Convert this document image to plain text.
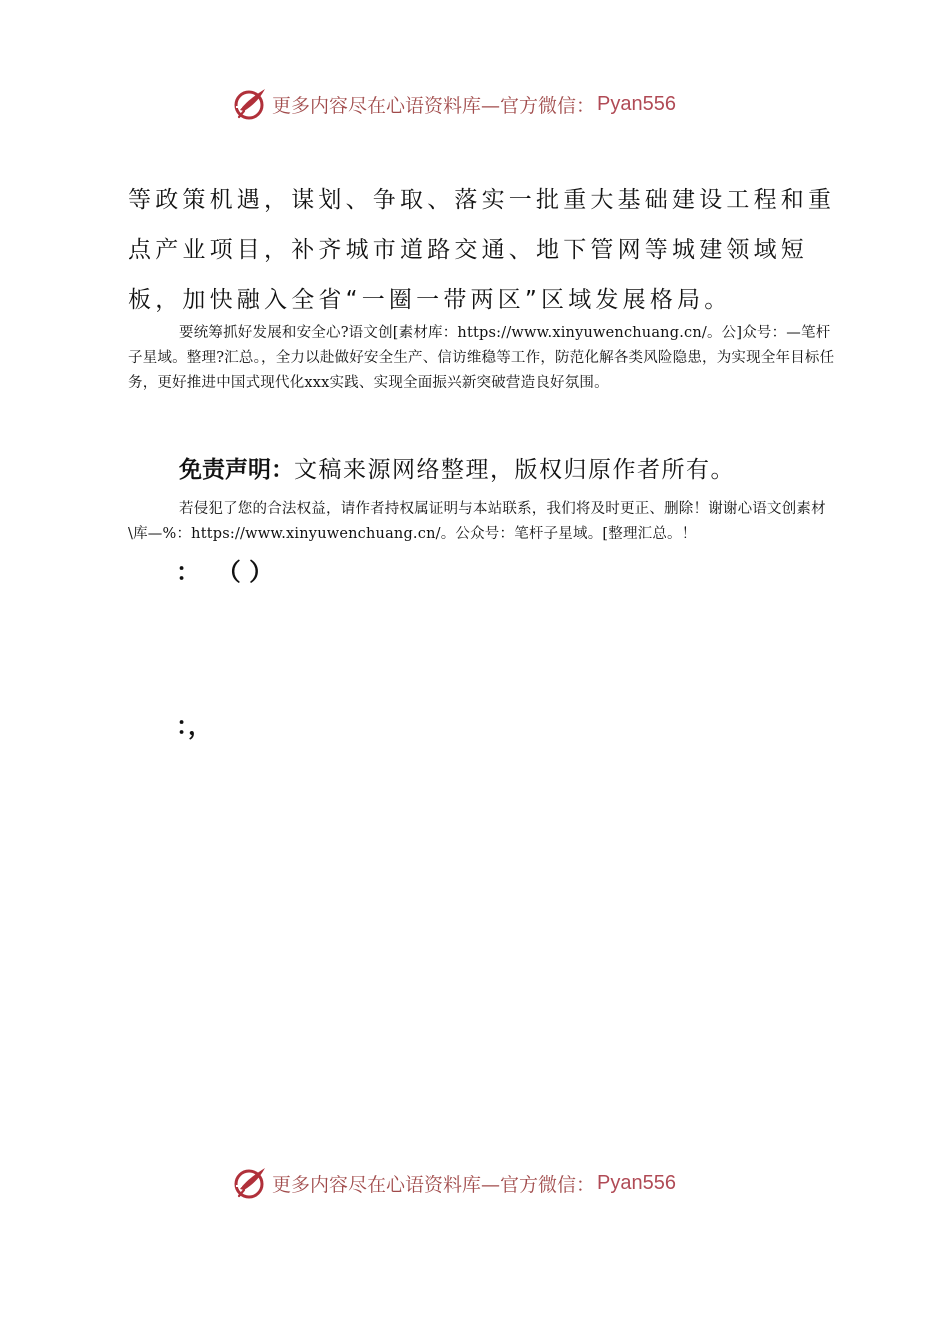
更多内容尽在心语资料库—官方微信： Pyan556

等政策机遇，谋划、争取、落实一批重大基础建设工程和重点产业项目，补齐城市道路交通、地下管网等城建领域短板，加快融入全省“一圈一带两区”区域发展格局。

要统筹抓好发展和安全心?语文创[素材库：https://www.xinyuwenchuang.cn/。公]众号：—笔杆子星域。整理?汇总。，全力以赴做好安全生产、信访维稳等工作，防范化解各类风险隐患，为实现全年目标任务，更好推进中国式现代化xxx实践、实现全面振兴新突破营造良好氛围。

免责声明：文稿来源网络整理，版权归原作者所有。

若侵犯了您的合法权益，请作者持权属证明与本站联系，我们将及时更正、删除！谢谢心语文创素材\库—%：https://www.xinyuwenchuang.cn/。公众号：笔杆子星域。[整理汇总。！

：  （ ）
：，
更多内容尽在心语资料库—官方微信： Pyan556
